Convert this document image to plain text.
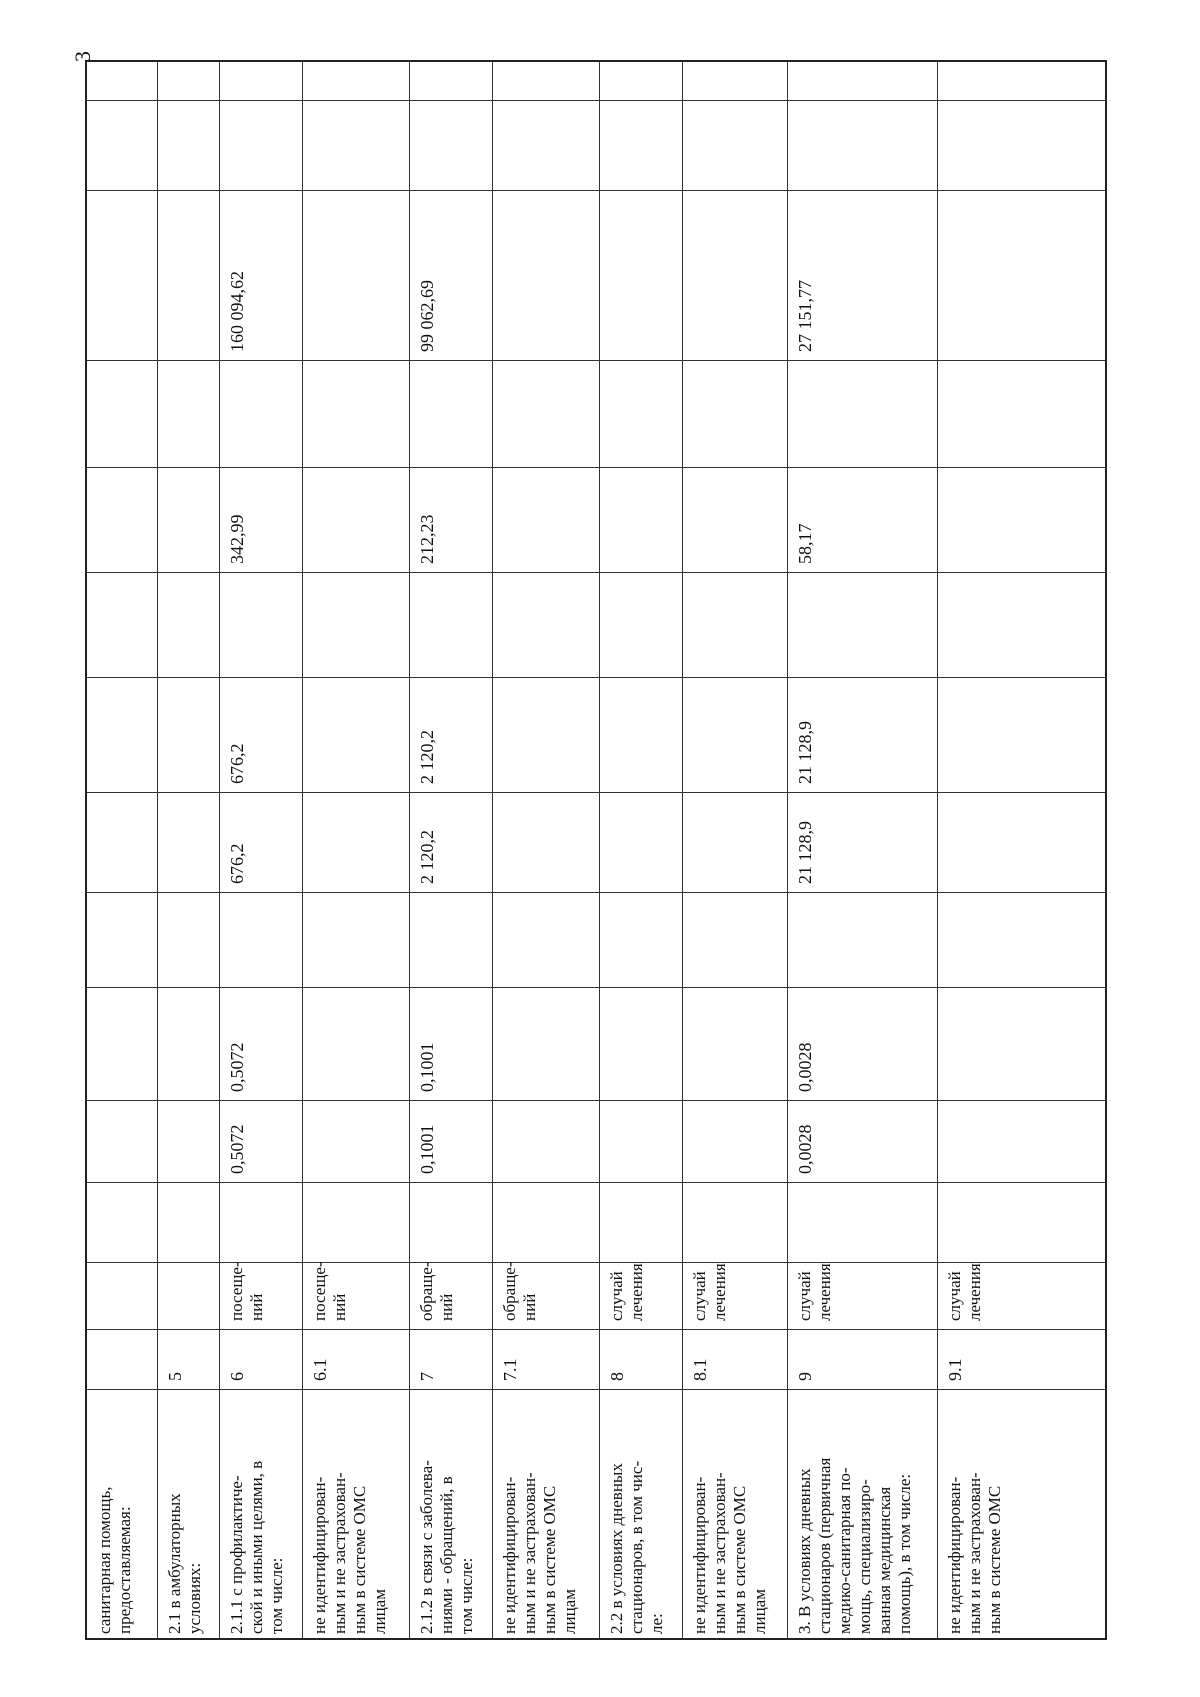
3
санитарная помощь,
предоставляемая: 2.1 в амбулаторных
условиях:
5
2.1.1 с профилактиче-
ской и иными целями, в
том числе:
6
посеще-
ний
0,5072
0,5072
676,2
676,2
342,99
160 094,62
не идентифицирован-
ным и не застрахован-
ным в системе ОМС
лицам
6.1
посеще-
ний
2.1.2 в связи с заболева-
ниями - обращений, в
том числе:
7
обраще-
ний
0,1001
0,1001
2 120,2
2 120,2
212,23
99 062,69
не идентифицирован-
ным и не застрахован-
ным в системе ОМС
лицам
7.1
обраще-
ний
2.2 в условиях дневных
стационаров, в том чис-
ле:
8
случай
лечения
не идентифицирован-
ным и не застрахован-
ным в системе ОМС
лицам
8.1
случай
лечения
3. В условиях дневных
стационаров (первичная
медико-санитарная по-
мощь, специализиро-
ванная медицинская
помощь), в том числе:
9
случай
лечения
0,0028
0,0028
21 128,9
21 128,9
58,17
27 151,77
не идентифицирован-
ным и не застрахован-
ным в системе ОМС
9.1
случай
лечения
